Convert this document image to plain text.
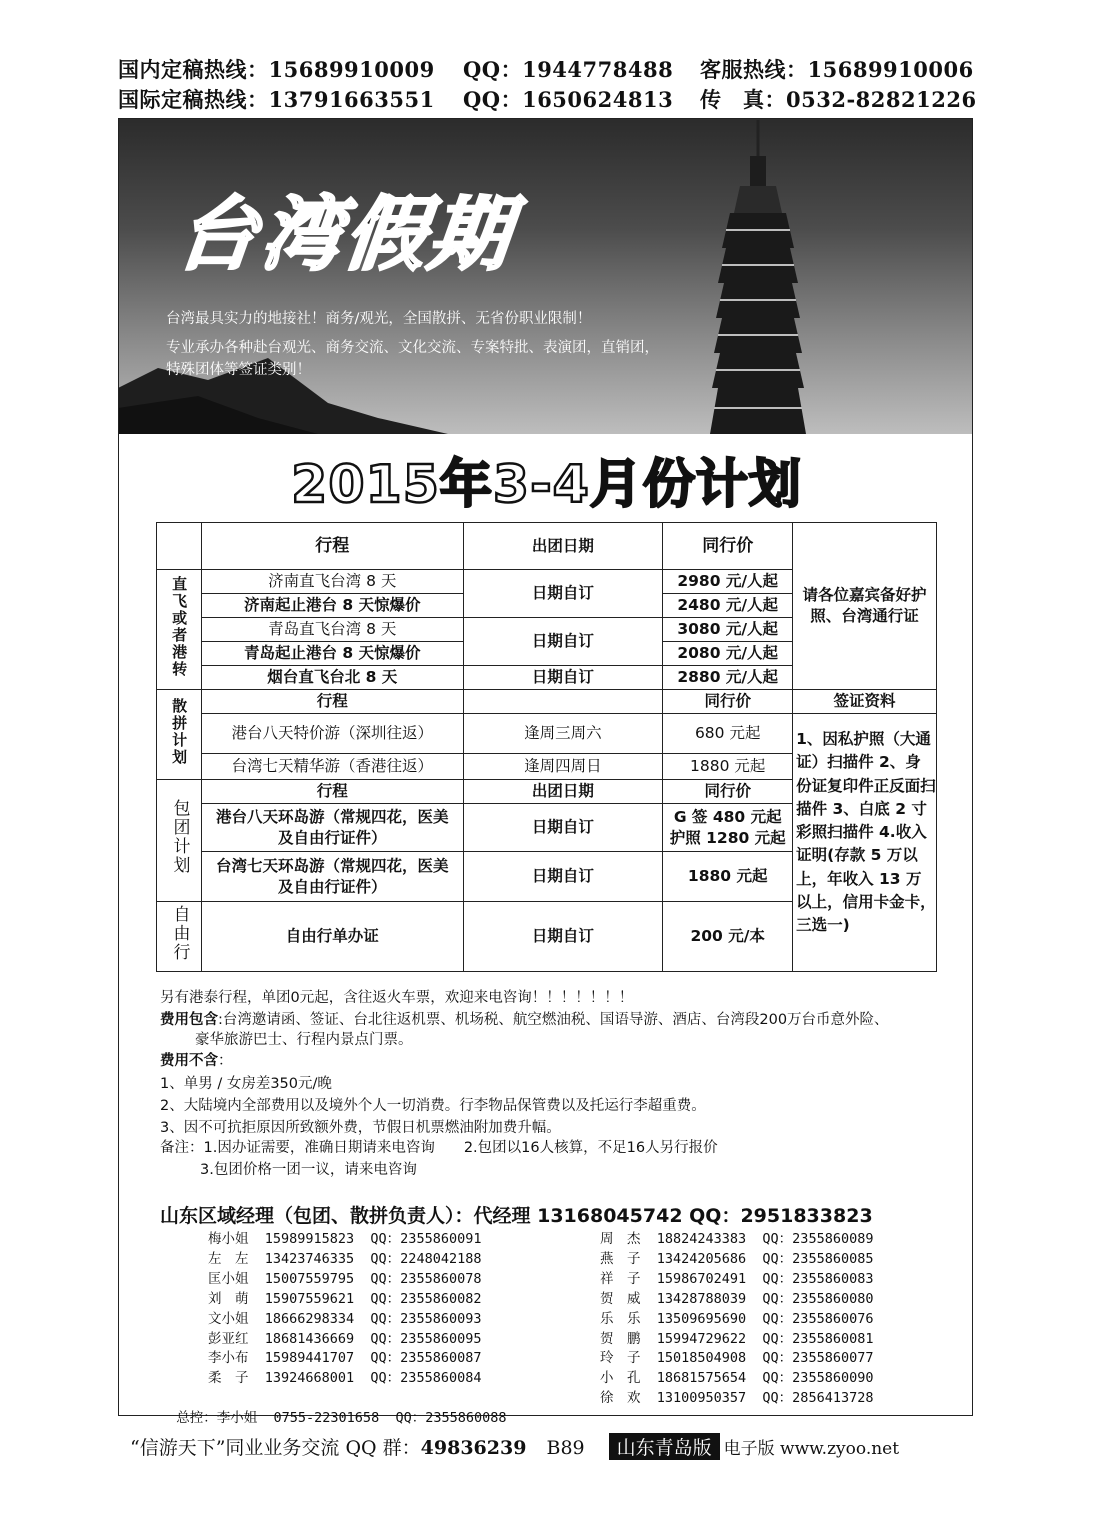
国内定稿热线：15689910009 QQ：1944778488 客服热线：15689910006
国际定稿热线：13791663551 QQ：1650624813 传　真：0532-82821226
台湾假期
台湾最具实力的地接社！商务/观光，全国散拼、无省份职业限制！
专业承办各种赴台观光、商务交流、文化交流、专案特批、表演团，直销团，
特殊团体等签证类别！
2015年3-4月份计划
	行程	出团日期	同行价	请各位嘉宾备好护照、台湾通行证
直飞或者港转	济南直飞台湾 8 天	日期自订	2980 元/人起	
	济南起止港台 8 天惊爆价		2480 元/人起	
	青岛直飞台湾 8 天	日期自订	3080 元/人起	
	青岛起止港台 8 天惊爆价		2080 元/人起	
	烟台直飞台北 8 天	日期自订	2880 元/人起	
散拼计划	行程		同行价	签证资料
	港台八天特价游（深圳往返）	逢周三周六	680 元起	1、因私护照（大通证）扫描件 2、身份证复印件正反面扫描件 3、白底 2 寸彩照扫描件 4.收入证明(存款 5 万以上，年收入 13 万以上，信用卡金卡，三选一)
	台湾七天精华游（香港往返）	逢周四周日	1880 元起	
包团计划	行程	出团日期	同行价	
	港台八天环岛游（常规四花，医美及自由行证件）	日期自订	G 签 480 元起
护照 1280 元起	

	台湾七天环岛游（常规四花，医美及自由行证件）	日期自订	1880 元起	
自由行	自由行单办证	日期自订	200 元/本	
另有港泰行程，单团0元起，含往返火车票，欢迎来电咨询！！！！！！！
费用包含:台湾邀请函、签证、台北往返机票、机场税、航空燃油税、国语导游、酒店、台湾段200万台币意外险、
豪华旅游巴士、行程内景点门票。
费用不含：
1、单男 / 女房差350元/晚
2、大陆境内全部费用以及境外个人一切消费。行李物品保管费以及托运行李超重费。
3、因不可抗拒原因所致额外费，节假日机票燃油附加费升幅。
备注：1.因办证需要，准确日期请来电咨询　　2.包团以16人核算，不足16人另行报价
3.包团价格一团一议，请来电咨询
山东区域经理（包团、散拼负责人）：代经理 13168045742 QQ：2951833823
梅小姐  15989915823  QQ：2355860091
左　左  13423746335  QQ：2248042188
匡小姐  15007559795  QQ：2355860078
刘　萌  15907559621  QQ：2355860082
文小姐  18666298334  QQ：2355860093
彭亚红  18681436669  QQ：2355860095
李小布  15989441707  QQ：2355860087
柔　子  13924668001  QQ：2355860084

总控：李小姐 0755-22301658 QQ：2355860088

周　杰  18824243383  QQ：2355860089
燕　子  13424205686  QQ：2355860085
祥　子  15986702491  QQ：2355860083
贺　威  13428788039  QQ：2355860080
乐　乐  13509695690  QQ：2355860076
贺　鹏  15994729622  QQ：2355860081
玲　子  15018504908  QQ：2355860077
小　孔  18681575654  QQ：2355860090
徐　欢  13100950357  QQ：2856413728
“信游天下”同业业务交流 QQ 群：49836239 B89 山东青岛版 电子版 www.zyoo.net
